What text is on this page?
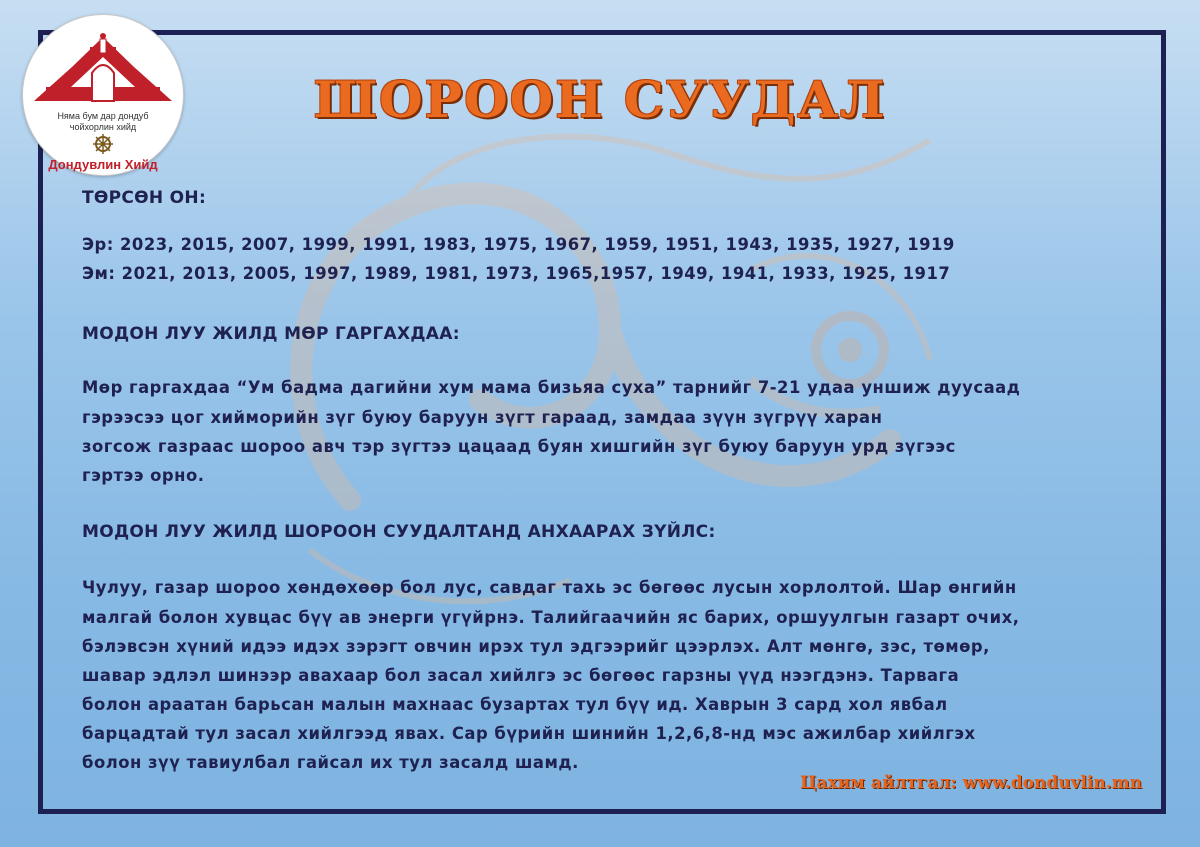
Няма бум дар дондуб
чойхорлин хийд
Дондувлин Хийд
ШОРООН СУУДАЛ
ТӨРСӨН ОН:
Эр: 2023, 2015, 2007, 1999, 1991, 1983, 1975, 1967, 1959, 1951, 1943, 1935, 1927, 1919
Эм: 2021, 2013, 2005, 1997, 1989, 1981, 1973, 1965,1957, 1949, 1941, 1933, 1925, 1917
МОДОН ЛУУ ЖИЛД МӨР ГАРГАХДАА:
Мөр гаргахдаа “Ум бадма дагийни хум мама бизьяа суха” тарнийг 7-21 удаа уншиж дуусаад
гэрээсээ цог хийморийн зүг буюу баруун зүгт гараад, замдаа зүүн зүгрүү харан
зогсож газраас шороо авч тэр зүгтээ цацаад буян хишгийн зүг буюу баруун урд зүгээс
гэртээ орно.
МОДОН ЛУУ ЖИЛД ШОРООН СУУДАЛТАНД АНХААРАХ ЗҮЙЛС:
Чулуу, газар шороо хөндөхөөр бол лус, савдаг тахь эс бөгөөс лусын хорлолтой. Шар өнгийн
малгай болон хувцас бүү ав энерги үгүйрнэ. Талийгаачийн яс барих, оршуулгын газарт очих,
бэлэвсэн хүний идээ идэх зэрэгт овчин ирэх тул эдгээрийг цээрлэх. Алт мөнгө, зэс, төмөр,
шавар эдлэл шинээр авахаар бол засал хийлгэ эс бөгөөс гарзны үүд нээгдэнэ. Тарвага
болон араатан барьсан малын махнаас бузартах тул бүү ид. Хаврын 3 сард хол явбал
барцадтай тул засал хийлгээд явах. Сар бүрийн шинийн 1,2,6,8-нд мэс ажилбар хийлгэх
болон зүү тавиулбал гайсал их тул засалд шамд.
Цахим айлтгал: www.donduvlin.mn
